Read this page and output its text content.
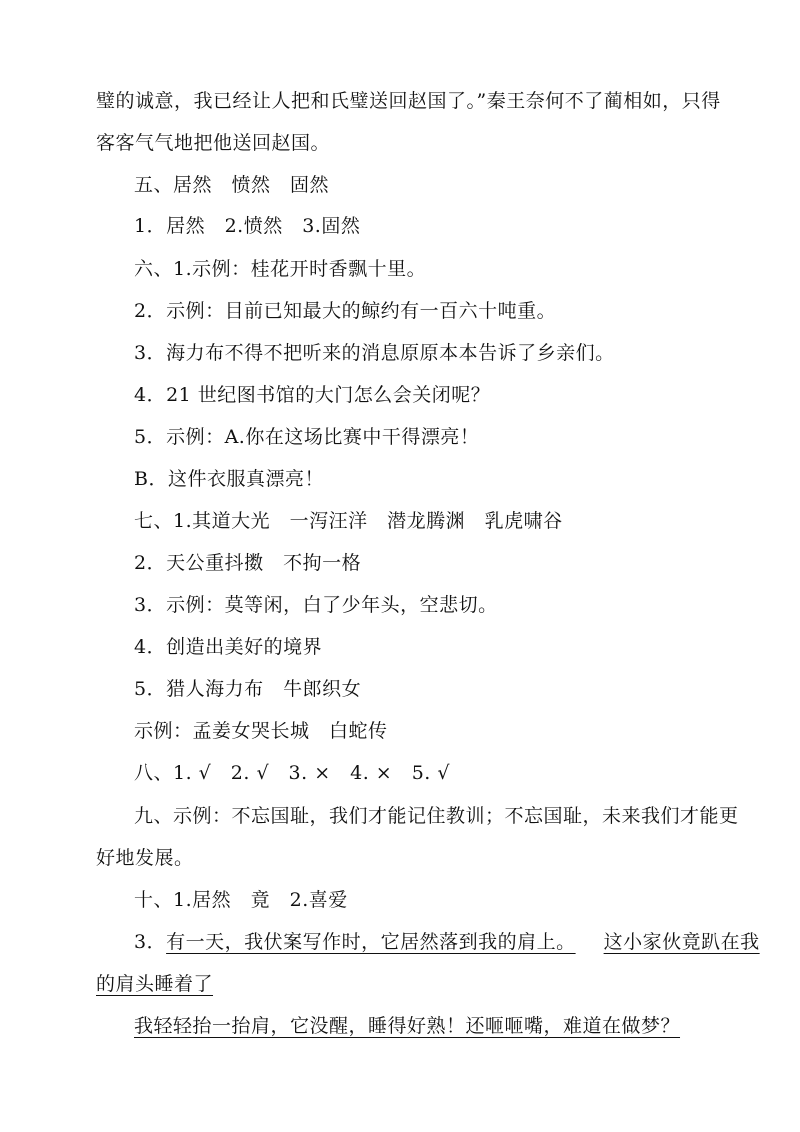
璧的诚意，我已经让人把和氏璧送回赵国了。”秦王奈何不了蔺相如，只得
客客气气地把他送回赵国。
五、居然　愤然　固然
1．居然　2.愤然　3.固然
六、1.示例：桂花开时香飘十里。
2．示例：目前已知最大的鲸约有一百六十吨重。
3．海力布不得不把听来的消息原原本本告诉了乡亲们。
4．21 世纪图书馆的大门怎么会关闭呢？
5．示例：A.你在这场比赛中干得漂亮！
B．这件衣服真漂亮！
七、1.其道大光　一泻汪洋　潜龙腾渊　乳虎啸谷
2．天公重抖擞　不拘一格
3．示例：莫等闲，白了少年头，空悲切。
4．创造出美好的境界
5．猎人海力布　牛郎织女
示例：孟姜女哭长城　白蛇传
八、1. √　2. √　3. ×　4. ×　5. √
九、示例：不忘国耻，我们才能记住教训；不忘国耻，未来我们才能更
好地发展。
十、1.居然　竟　2.喜爱
3．有一天，我伏案写作时，它居然落到我的肩上。 这小家伙竟趴在我
的肩头睡着了
我轻轻抬一抬肩，它没醒，睡得好熟！还咂咂嘴，难道在做梦？
